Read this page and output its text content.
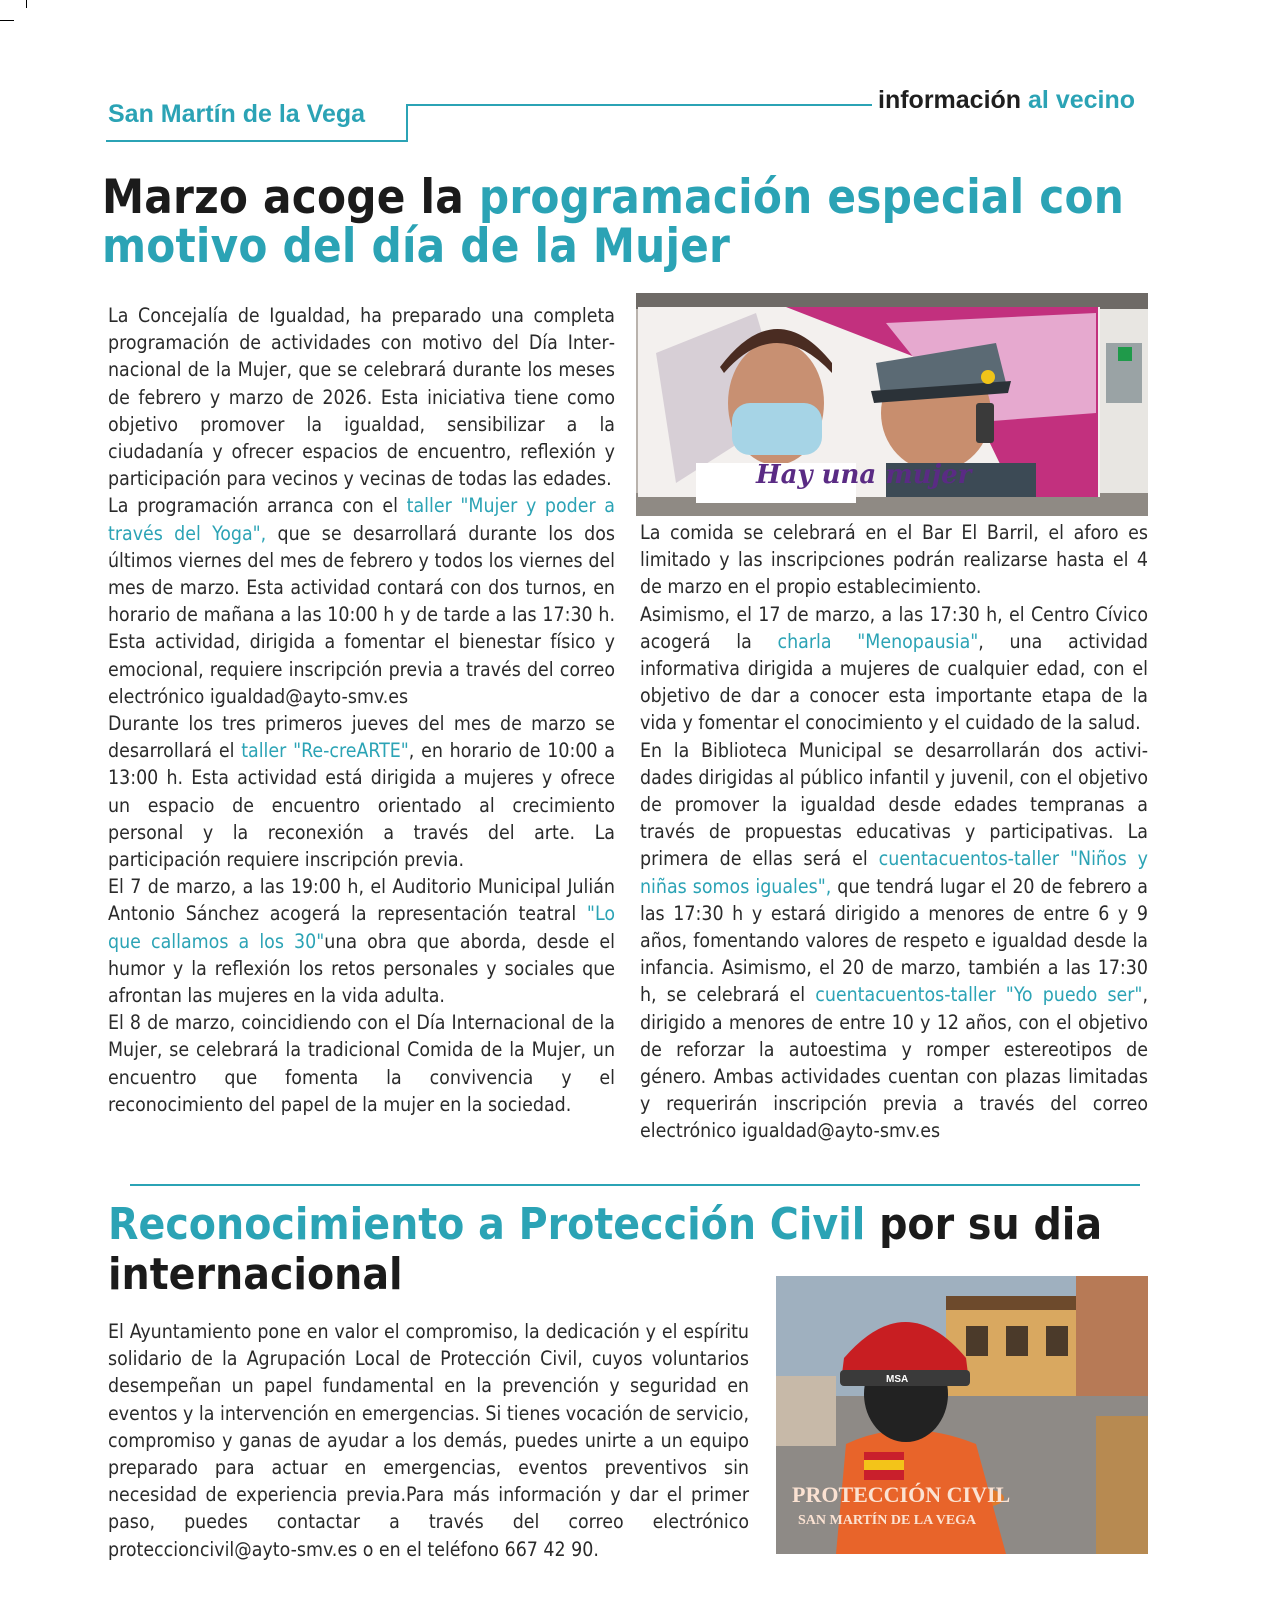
San Martín de la Vega	información al vecino
Marzo acoge la programación especial con motivo del día de la Mujer

La Concejalía de Igualdad, ha preparado una completa programación de actividades con motivo del Día Internacional de la Mujer, que se celebrará durante los meses de febrero y marzo de 2026. Esta iniciativa tiene como objetivo promover la igualdad, sensibilizar a la ciudadanía y ofrecer espacios de encuentro, reflexión y participación para vecinos y vecinas de todas las edades.

La programación arranca con el taller "Mujer y poder a través del Yoga", que se desarrollará durante los dos últimos viernes del mes de febrero y todos los viernes del mes de marzo. Esta actividad contará con dos turnos, en horario de mañana a las 10:00 h y de tarde a las 17:30 h. Esta actividad, dirigida a fomentar el bienestar físico y emocional, requiere inscripción previa a través del correo electrónico igualdad@ayto-smv.es

Durante los tres primeros jueves del mes de marzo se desarrollará el taller "Re-creARTE", en horario de 10:00 a 13:00 h. Esta actividad está dirigida a mujeres y ofrece un espacio de encuentro orientado al crecimiento personal y la reconexión a través del arte. La participación requiere inscripción previa.

El 7 de marzo, a las 19:00 h, el Auditorio Municipal Julián Antonio Sánchez acogerá la representación teatral "Lo que callamos a los 30"una obra que aborda, desde el humor y la reflexión los retos personales y sociales que afrontan las mujeres en la vida adulta.

El 8 de marzo, coincidiendo con el Día Internacional de la Mujer, se celebrará la tradicional Comida de la Mujer, un encuentro que fomenta la convivencia y el reconocimiento del papel de la mujer en la sociedad.

Hay una mujer

La comida se celebrará en el Bar El Barril, el aforo es limitado y las inscripciones podrán realizarse hasta el 4 de marzo en el propio establecimiento.

Asimismo, el 17 de marzo, a las 17:30 h, el Centro Cívico acogerá la charla "Menopausia", una actividad informativa dirigida a mujeres de cualquier edad, con el objetivo de dar a conocer esta importante etapa de la vida y fomentar el conocimiento y el cuidado de la salud.

En la Biblioteca Municipal se desarrollarán dos actividades dirigidas al público infantil y juvenil, con el objetivo de promover la igualdad desde edades tempranas a través de propuestas educativas y participativas. La primera de ellas será el cuentacuentos-taller "Niños y niñas somos iguales", que tendrá lugar el 20 de febrero a las 17:30 h y estará dirigido a menores de entre 6 y 9 años, fomentando valores de respeto e igualdad desde la infancia. Asimismo, el 20 de marzo, también a las 17:30 h, se celebrará el cuentacuentos-taller "Yo puedo ser", dirigido a menores de entre 10 y 12 años, con el objetivo de reforzar la autoestima y romper estereotipos de género. Ambas actividades cuentan con plazas limitadas y requerirán inscripción previa a través del correo electrónico igualdad@ayto-smv.es

Reconocimiento a Protección Civil por su dia internacional

El Ayuntamiento pone en valor el compromiso, la dedicación y el espíritu solidario de la Agrupación Local de Protección Civil, cuyos voluntarios desempeñan un papel fundamental en la prevención y seguridad en eventos y la intervención en emergencias. Si tienes vocación de servicio, compromiso y ganas de ayudar a los demás, puedes unirte a un equipo preparado para actuar en emergencias, eventos preventivos sin necesidad de experiencia previa.Para más información y dar el primer paso, puedes contactar a través del correo electrónico proteccioncivil@ayto-smv.es o en el teléfono 667 42 90.

MSA
PROTECCIÓN CIVIL
SAN MARTÍN DE LA VEGA
